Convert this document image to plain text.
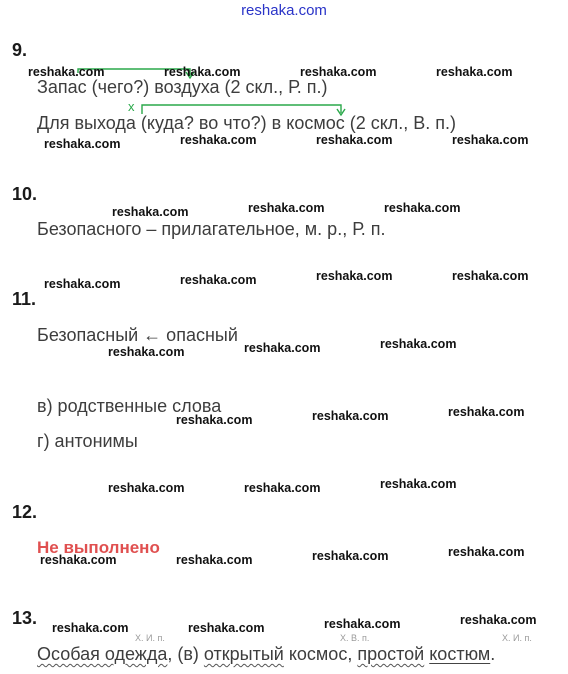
reshaka.com
9.
Запас (чего?) воздуха (2 скл., Р. п.)
Для выхода (куда? во что?) в космос (2 скл., В. п.)
x
10.
Безопасного – прилагательное, м. р., Р. п.
11.
Безопасный ← опасный
в) родственные слова
г) антонимы
12.
Не выполнено
13.
Х. И. п.	Х. В. п.	Х. И. п.
Особая одежда, (в) открытый космос, простой костюм.
reshaka.com	reshaka.com	reshaka.com	reshaka.com
reshaka.com	reshaka.com	reshaka.com	reshaka.com
reshaka.com	reshaka.com	reshaka.com
reshaka.com	reshaka.com	reshaka.com	reshaka.com
reshaka.com	reshaka.com	reshaka.com
reshaka.com	reshaka.com	reshaka.com
reshaka.com	reshaka.com	reshaka.com
reshaka.com	reshaka.com	reshaka.com	reshaka.com
reshaka.com	reshaka.com	reshaka.com	reshaka.com
